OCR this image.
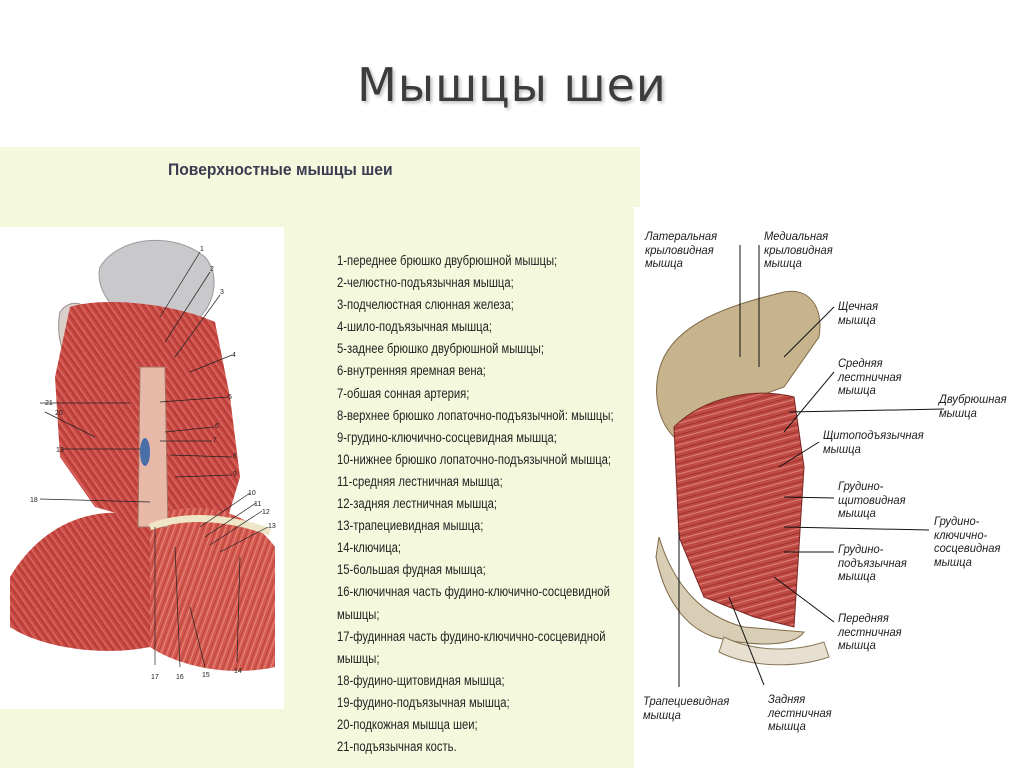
Мышцы шеи
Поверхностные мышцы шеи
1
2
3
4
5
6
7
8
9
10
11
12
13
14
15
16
17
18
20
21
13
1-переднее брюшко двубрюшной мышцы;
2-челюстно-подъязычная мышца;
3-подчелюстная слюнная железа;
4-шило-подъязычная мышца;
5-заднее брюшко двубрюшной мышцы;
6-внутренняя яремная вена;
7-обшая сонная артерия;
8-верхнее брюшко лопаточно-подъязычной: мышцы;
9-грудино-ключично-сосцевидная мышца;
10-нижнее брюшко лопаточно-подъязычной мышца;
11-средняя лестничная мышца;
12-задняя лестничная мышца;
13-трапециевидная мышца;
14-ключица;
15-6ольшая фудная мышца;
16-ключичная часть фудино-ключично-сосцевидной
мышцы;
17-фудинная часть фудино-ключично-сосцевидной
мышцы;
18-фудино-щитовидная мышца;
19-фудино-подъязычная мышца;
20-подкожная мышца шеи;
21-подъязычная кость.
Латеральная
крыловидная
мышца
Медиальная
крыловидная
мышца
Щечная
мышца
Средняя
лестничная
мышца
Двубрюшная
мышца
Щитоподъязычная
мышца
Грудино-
щитовидная
мышца
Грудино-
ключично-
сосцевидная
мышца
Грудино-
подъязычная
мышца
Передняя
лестничная
мышца
Трапециевидная
мышца
Задняя
лестничная
мышца
